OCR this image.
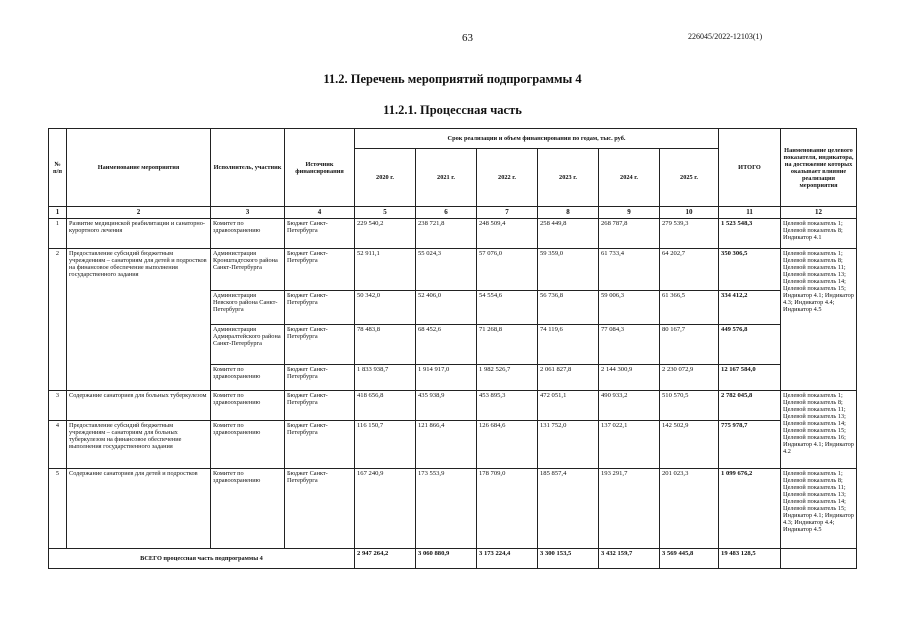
63	226045/2022-12103(1)
11.2. Перечень мероприятий подпрограммы 4
11.2.1. Процессная часть
№ п/п	Наименование мероприятия	Исполнитель, участник	Источник финансирования	Срок реализации и объем финансирования по годам, тыс. руб.						ИТОГО	Наименование целевого показателя, индикатора, на достижение которых оказывает влияние реализация мероприятия
				2020 г.	2021 г.	2022 г.	2023 г.	2024 г.	2025 г.		
1	2	3	4	5	6	7	8	9	10	11	12
1	Развитие медицинской реабилитации и санаторно-курортного лечения	Комитет по здравоохранению	Бюджет Санкт-Петербурга	229 540,2	238 721,8	248 509,4	258 449,8	268 787,8	279 539,3	1 523 548,3	Целевой показатель 1; Целевой показатель 8; Индикатор 4.1
2	Предоставление субсидий бюджетным учреждениям – санаториям для детей и подростков на финансовое обеспечение выполнения государственного задания	Администрация Кронштадтского района Санкт-Петербурга	Бюджет Санкт-Петербурга	52 911,1	55 024,3	57 076,0	59 359,0	61 733,4	64 202,7	350 306,5	Целевой показатель 1; Целевой показатель 8; Целевой показатель 11; Целевой показатель 13; Целевой показатель 14; Целевой показатель 15; Индикатор 4.1; Индикатор 4.3; Индикатор 4.4; Индикатор 4.5
		Администрация Невского района Санкт-Петербурга	Бюджет Санкт-Петербурга	50 342,0	52 406,0	54 554,6	56 736,8	59 006,3	61 366,5	334 412,2	
		Администрация Адмиралтейского района Санкт-Петербурга	Бюджет Санкт-Петербурга	78 483,8	68 452,6	71 268,8	74 119,6	77 084,3	80 167,7	449 576,8	
		Комитет по здравоохранению	Бюджет Санкт-Петербурга	1 833 938,7	1 914 917,0	1 982 526,7	2 061 827,8	2 144 300,9	2 230 072,9	12 167 584,0	
3	Содержание санаториев для больных туберкулезом	Комитет по здравоохранению	Бюджет Санкт-Петербурга	418 656,8	435 938,9	453 895,3	472 051,1	490 933,2	510 570,5	2 782 045,8	Целевой показатель 1; Целевой показатель 8; Целевой показатель 11; Целевой показатель 13; Целевой показатель 14; Целевой показатель 15; Целевой показатель 16; Индикатор 4.1; Индикатор 4.2
4	Предоставление субсидий бюджетным учреждениям – санаториям для больных туберкулезом на финансовое обеспечение выполнения государственного задания	Комитет по здравоохранению	Бюджет Санкт-Петербурга	116 150,7	121 866,4	126 684,6	131 752,0	137 022,1	142 502,9	775 978,7	
5	Содержание санаториев для детей и подростков	Комитет по здравоохранению	Бюджет Санкт-Петербурга	167 240,9	173 553,9	178 709,0	185 857,4	193 291,7	201 023,3	1 099 676,2	Целевой показатель 1; Целевой показатель 8; Целевой показатель 11; Целевой показатель 13; Целевой показатель 14; Целевой показатель 15; Индикатор 4.1; Индикатор 4.3; Индикатор 4.4; Индикатор 4.5
ВСЕГО процессная часть подпрограммы 4				2 947 264,2	3 060 880,9	3 173 224,4	3 300 153,5	3 432 159,7	3 569 445,8	19 483 128,5	
